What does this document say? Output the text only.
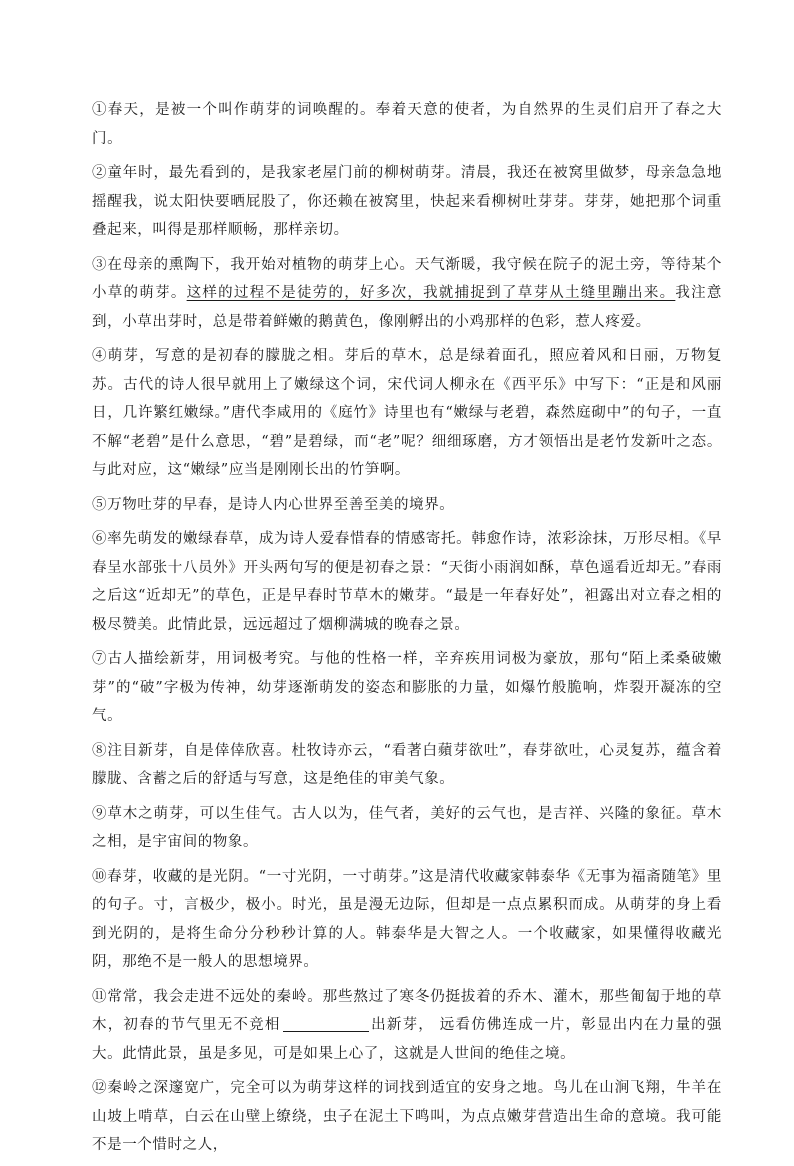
①春天，是被一个叫作萌芽的词唤醒的。奉着天意的使者，为自然界的生灵们启开了春之大门。

②童年时，最先看到的，是我家老屋门前的柳树萌芽。清晨，我还在被窝里做梦，母亲急急地摇醒我，说太阳快要晒屁股了，你还赖在被窝里，快起来看柳树吐芽芽。芽芽，她把那个词重叠起来，叫得是那样顺畅，那样亲切。

③在母亲的熏陶下，我开始对植物的萌芽上心。天气渐暖，我守候在院子的泥土旁，等待某个小草的萌芽。这样的过程不是徒劳的，好多次，我就捕捉到了草芽从土缝里蹦出来。我注意到，小草出芽时，总是带着鲜嫩的鹅黄色，像刚孵出的小鸡那样的色彩，惹人疼爱。

④萌芽，写意的是初春的朦胧之相。芽后的草木，总是绿着面孔，照应着风和日丽，万物复苏。古代的诗人很早就用上了嫩绿这个词，宋代词人柳永在《西平乐》中写下：“正是和风丽日，几许繁红嫩绿。”唐代李咸用的《庭竹》诗里也有“嫩绿与老碧，森然庭砌中”的句子，一直不解“老碧”是什么意思，“碧”是碧绿，而“老”呢？细细琢磨，方才领悟出是老竹发新叶之态。与此对应，这“嫩绿”应当是刚刚长出的竹笋啊。

⑤万物吐芽的早春，是诗人内心世界至善至美的境界。

⑥率先萌发的嫩绿春草，成为诗人爱春惜春的情感寄托。韩愈作诗，浓彩涂抹，万形尽相。《早春呈水部张十八员外》开头两句写的便是初春之景：“天街小雨润如酥，草色遥看近却无。”春雨之后这“近却无”的草色，正是早春时节草木的嫩芽。“最是一年春好处”，袒露出对立春之相的极尽赞美。此情此景，远远超过了烟柳满城的晚春之景。

⑦古人描绘新芽，用词极考究。与他的性格一样，辛弃疾用词极为豪放，那句“陌上柔桑破嫩芽”的“破”字极为传神，幼芽逐渐萌发的姿态和膨胀的力量，如爆竹般脆响，炸裂开凝冻的空气。

⑧注目新芽，自是倖倖欣喜。杜牧诗亦云，“看著白蘋芽欲吐”，春芽欲吐，心灵复苏，蕴含着朦胧、含蓄之后的舒适与写意，这是绝佳的审美气象。

⑨草木之萌芽，可以生佳气。古人以为，佳气者，美好的云气也，是吉祥、兴隆的象征。草木之相，是宇宙间的物象。

⑩春芽，收藏的是光阴。“一寸光阴，一寸萌芽。”这是清代收藏家韩泰华《无事为福斋随笔》里的句子。寸，言极少，极小。时光，虽是漫无边际，但却是一点点累积而成。从萌芽的身上看到光阴的，是将生命分分秒秒计算的人。韩泰华是大智之人。一个收藏家，如果懂得收藏光阴，那绝不是一般人的思想境界。

⑪常常，我会走进不远处的秦岭。那些熬过了寒冬仍挺拔着的乔木、灌木，那些匍匐于地的草木，初春的节气里无不竞相	出新芽， 远看仿佛连成一片，彰显出内在力量的强大。此情此景，虽是多见，可是如果上心了，这就是人世间的绝佳之境。

⑫秦岭之深邃宽广，完全可以为萌芽这样的词找到适宜的安身之地。鸟儿在山涧飞翔，牛羊在山坡上啃草，白云在山壁上缭绕，虫子在泥土下鸣叫，为点点嫩芽营造出生命的意境。我可能不是一个惜时之人，
